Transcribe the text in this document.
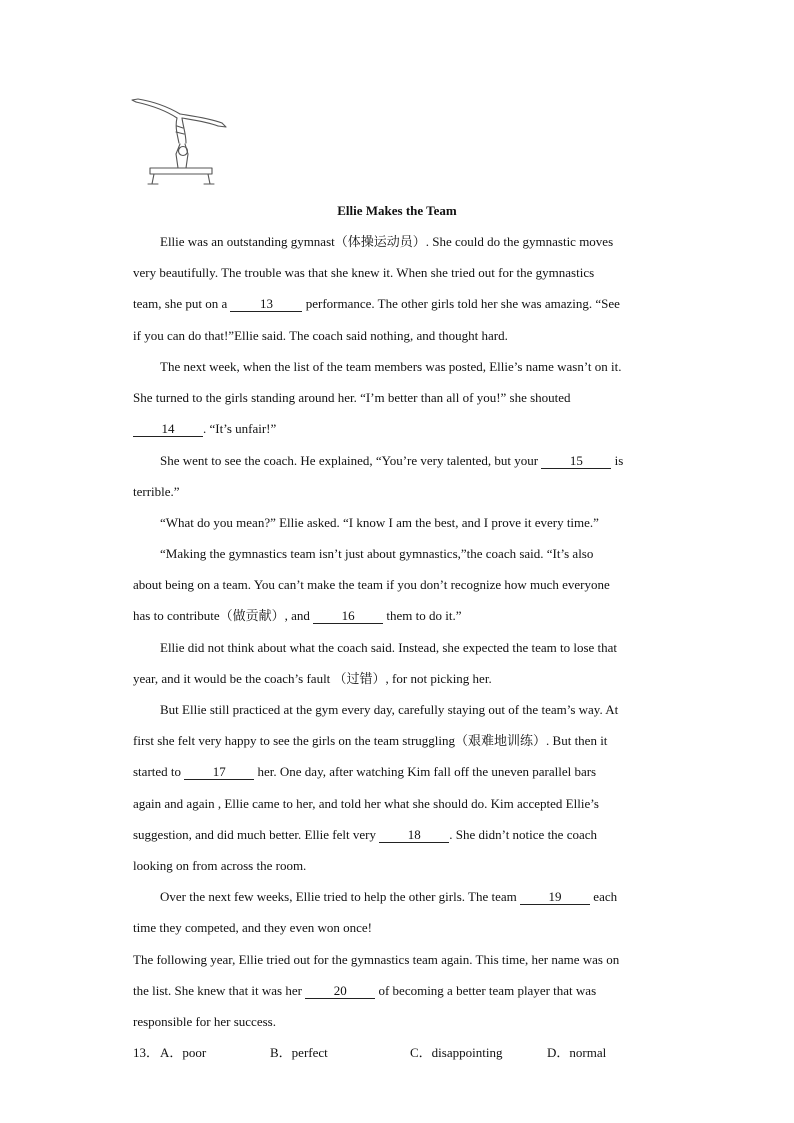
Ellie Makes the Team
Ellie was an outstanding gymnast（体操运动员）. She could do the gymnastic moves
very beautifully. The trouble was that she knew it. When she tried out for the gymnastics
team, she put on a 13 performance. The other girls told her she was amazing. “See
if you can do that!”Ellie said. The coach said nothing, and thought hard.
The next week, when the list of the team members was posted, Ellie’s name wasn’t on it.
She turned to the girls standing around her. “I’m better than all of you!” she shouted
14 . “It’s unfair!”
She went to see the coach. He explained, “You’re very talented, but your 15 is
terrible.”
“What do you mean?” Ellie asked. “I know I am the best, and I prove it every time.”
“Making the gymnastics team isn’t just about gymnastics,”the coach said. “It’s also
about being on a team. You can’t make the team if you don’t recognize how much everyone
has to contribute（做贡献）, and 16 them to do it.”
Ellie did not think about what the coach said. Instead, she expected the team to lose that
year, and it would be the coach’s fault （过错）, for not picking her.
But Ellie still practiced at the gym every day, carefully staying out of the team’s way. At
first she felt very happy to see the girls on the team struggling（艰难地训练）. But then it
started to 17 her. One day, after watching Kim fall off the uneven parallel bars
again and again , Ellie came to her, and told her what she should do. Kim accepted Ellie’s
suggestion, and did much better. Ellie felt very 18 . She didn’t notice the coach
looking on from across the room.
Over the next few weeks, Ellie tried to help the other girls. The team 19 each
time they competed, and they even won once!
The following year, Ellie tried out for the gymnastics team again. This time, her name was on
the list. She knew that it was her 20 of becoming a better team player that was
responsible for her success.
13． A．poor	B．perfect	C．disappointing	D．normal
